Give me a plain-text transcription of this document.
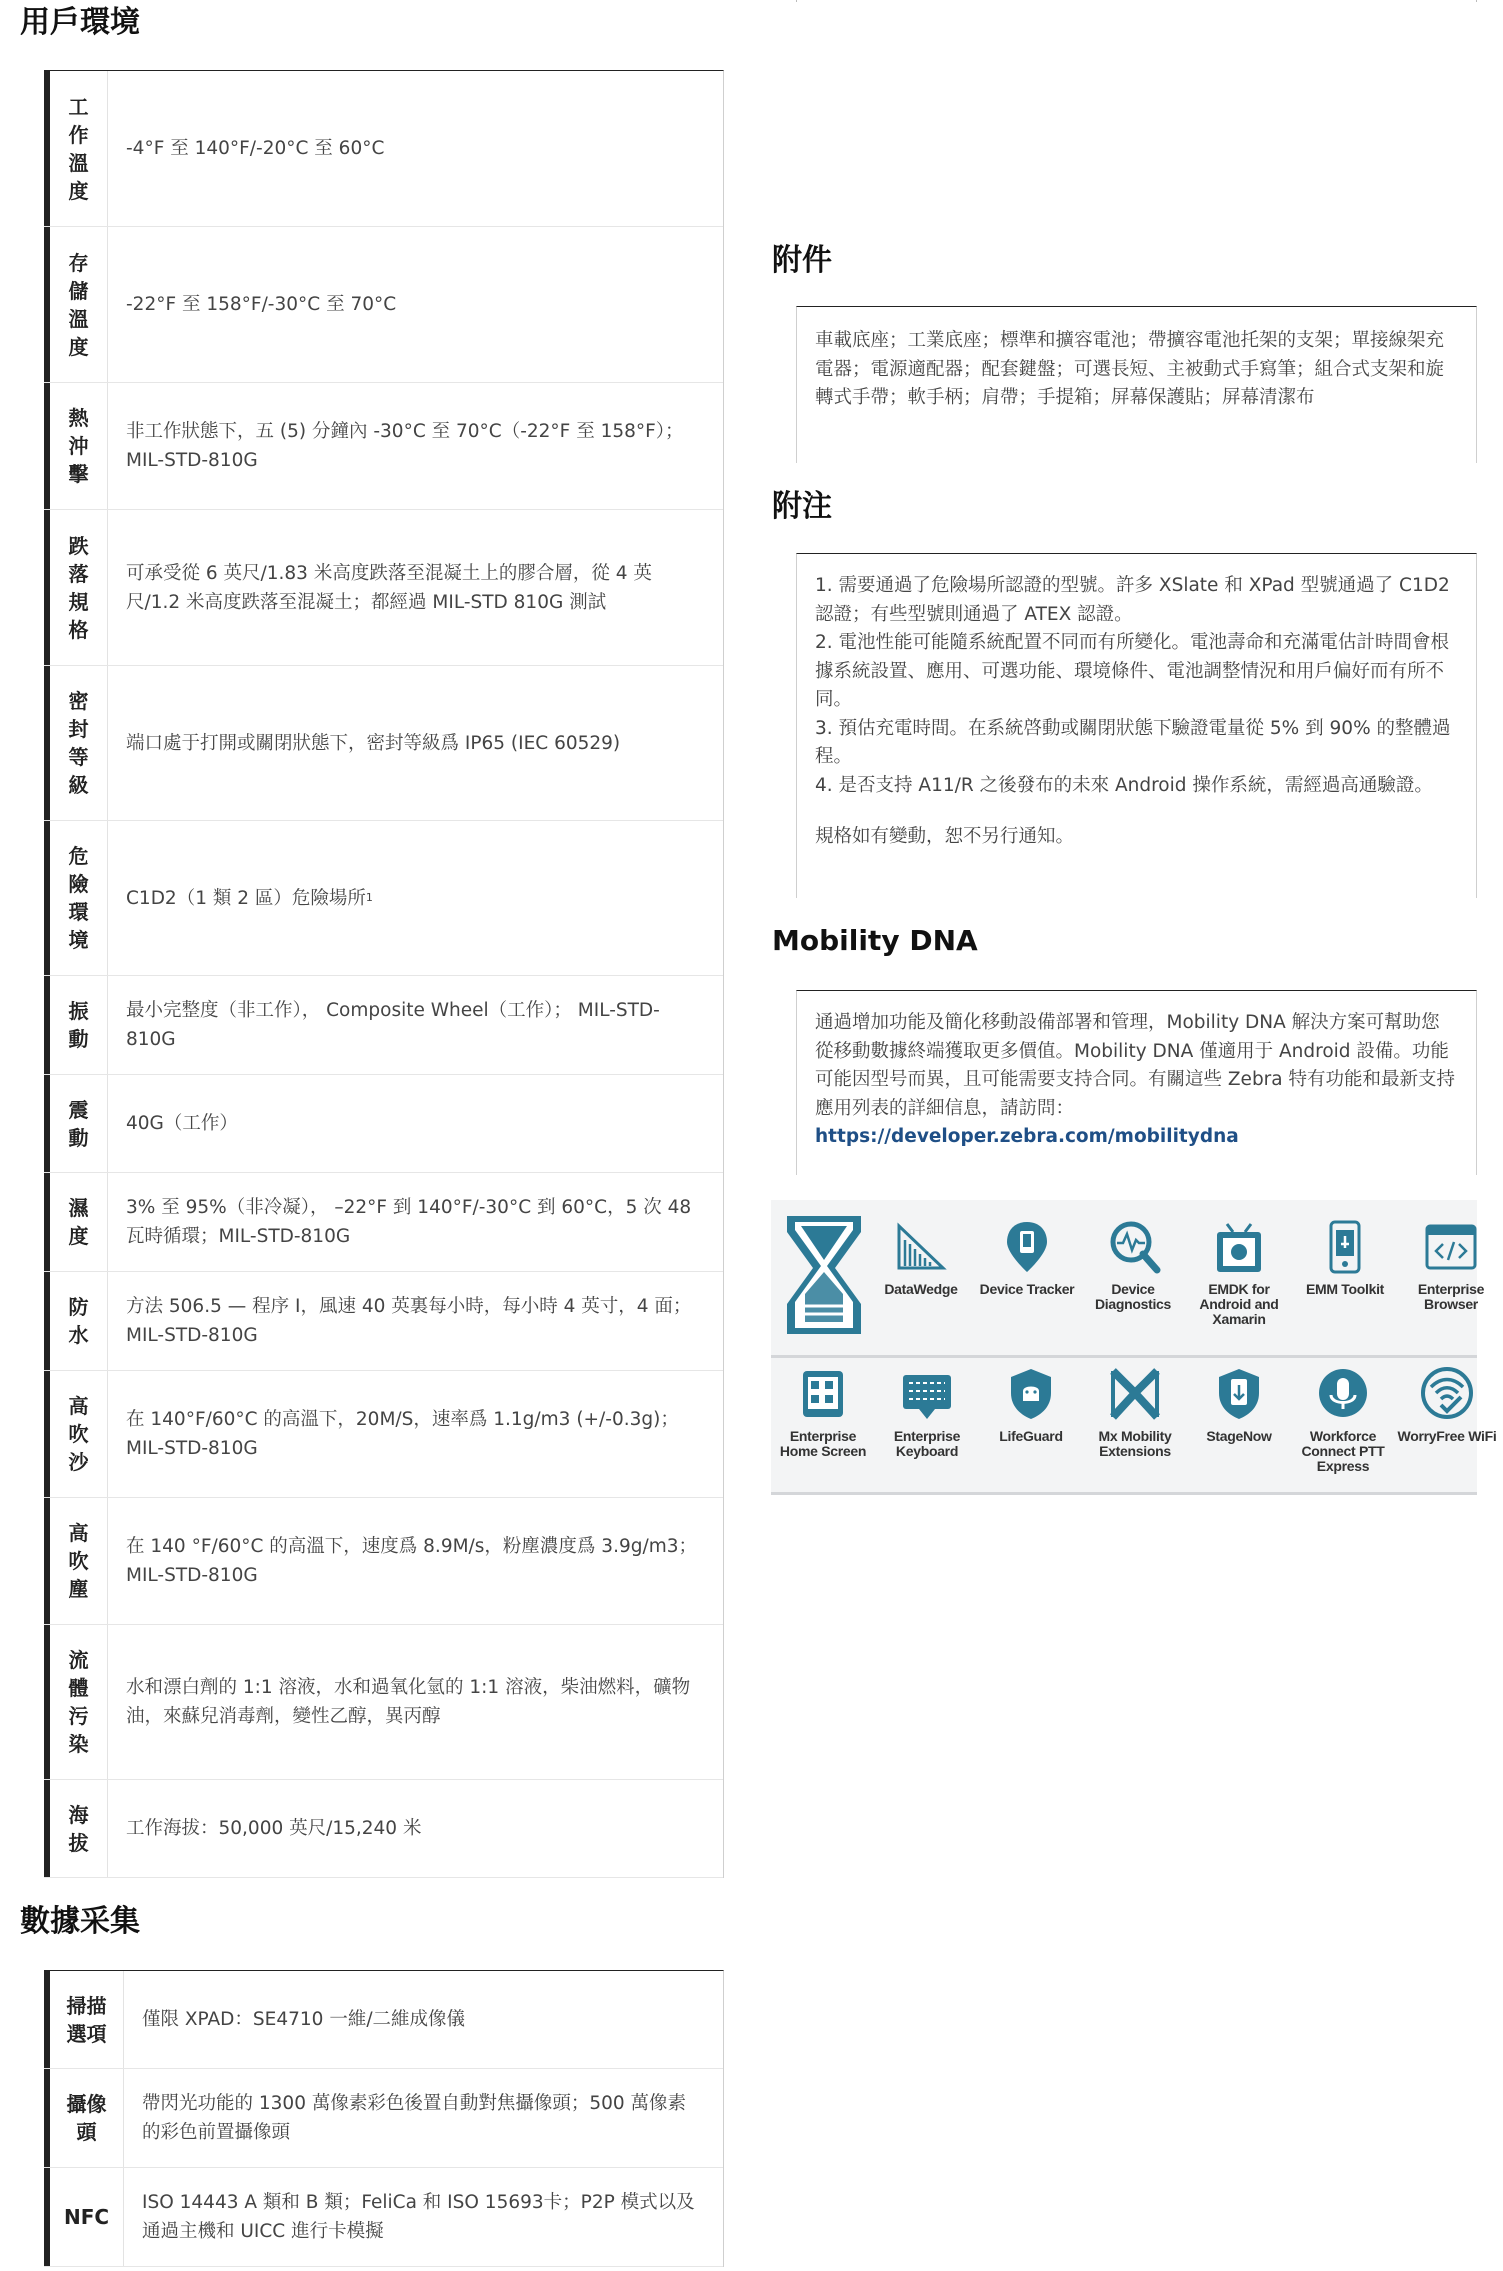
用戶環境
工作溫度
-4°F 至 140°F/-20°C 至 60°C
存儲溫度
-22°F 至 158°F/-30°C 至 70°C
熱沖擊
非工作狀態下，五 (5) 分鐘內 -30°C 至 70°C（-22°F 至 158°F）； MIL-STD-810G
跌落規格
可承受從 6 英尺/1.83 米高度跌落至混凝土上的膠合層，從 4 英尺/1.2 米高度跌落至混凝土；都經過 MIL-STD 810G 測試
密封等級
端口處于打開或關閉狀態下，密封等級爲 IP65 (IEC 60529)
危險環境
C1D2（1 類 2 區）危險場所 1
振動
最小完整度（非工作）， Composite Wheel（工作）； MIL-STD-810G
震動
40G（工作）
濕度
3% 至 95%（非冷凝）， –22°F 到 140°F/-30°C 到 60°C，5 次 48 瓦時循環；MIL-STD-810G
防水
方法 506.5 — 程序 I，風速 40 英裏每小時，每小時 4 英寸，4 面；MIL-STD-810G
高吹沙
在 140°F/60°C 的高溫下，20M/S，速率爲 1.1g/m3 (+/-0.3g)；MIL-STD-810G
高吹塵
在 140 °F/60°C 的高溫下，速度爲 8.9M/s，粉塵濃度爲 3.9g/m3；MIL-STD-810G
流體污染
水和漂白劑的 1:1 溶液，水和過氧化氫的 1:1 溶液，柴油燃料，礦物油，來蘇兒消毒劑，變性乙醇，異丙醇
海拔
工作海拔：50,000 英尺/15,240 米
數據采集
掃描選項
僅限 XPAD：SE4710 一維/二維成像儀
攝像頭
帶閃光功能的 1300 萬像素彩色後置自動對焦攝像頭；500 萬像素的彩色前置攝像頭
NFC
ISO 14443 A 類和 B 類；FeliCa 和 ISO 15693卡；P2P 模式以及通過主機和 UICC 進行卡模擬
附件

車載底座；工業底座；標準和擴容電池；帶擴容電池托架的支架；單接線架充電器；電源適配器；配套鍵盤；可選長短、主被動式手寫筆；組合式支架和旋轉式手帶；軟手柄；肩帶；手提箱；屏幕保護貼；屏幕清潔布

附注

1. 需要通過了危險場所認證的型號。許多 XSlate 和 XPad 型號通過了 C1D2 認證；有些型號則通過了 ATEX 認證。

2. 電池性能可能隨系統配置不同而有所變化。電池壽命和充滿電估計時間會根據系統設置、應用、可選功能、環境條件、電池調整情況和用戶偏好而有所不同。

3. 預估充電時間。在系統啓動或關閉狀態下驗證電量從 5% 到 90% 的整體過程。

4. 是否支持 A11/R 之後發布的未來 Android 操作系統，需經過高通驗證。

規格如有變動，恕不另行通知。

Mobility DNA

通過增加功能及簡化移動設備部署和管理，Mobility DNA 解決方案可幫助您從移動數據終端獲取更多價值。Mobility DNA 僅適用于 Android 設備。功能可能因型号而異，且可能需要支持合同。有關這些 Zebra 特有功能和最新支持應用列表的詳細信息，請訪問：
https://developer.zebra.com/mobilitydna

DataWedge	Device Tracker	Device Diagnostics
EMDK for Android and Xamarin
EMM Toolkit	Enterprise Browser
Enterprise Home Screen
Enterprise Keyboard
LifeGuard	Mx Mobility Extensions
StageNow	Workforce Connect PTT Express
WorryFree WiFi
